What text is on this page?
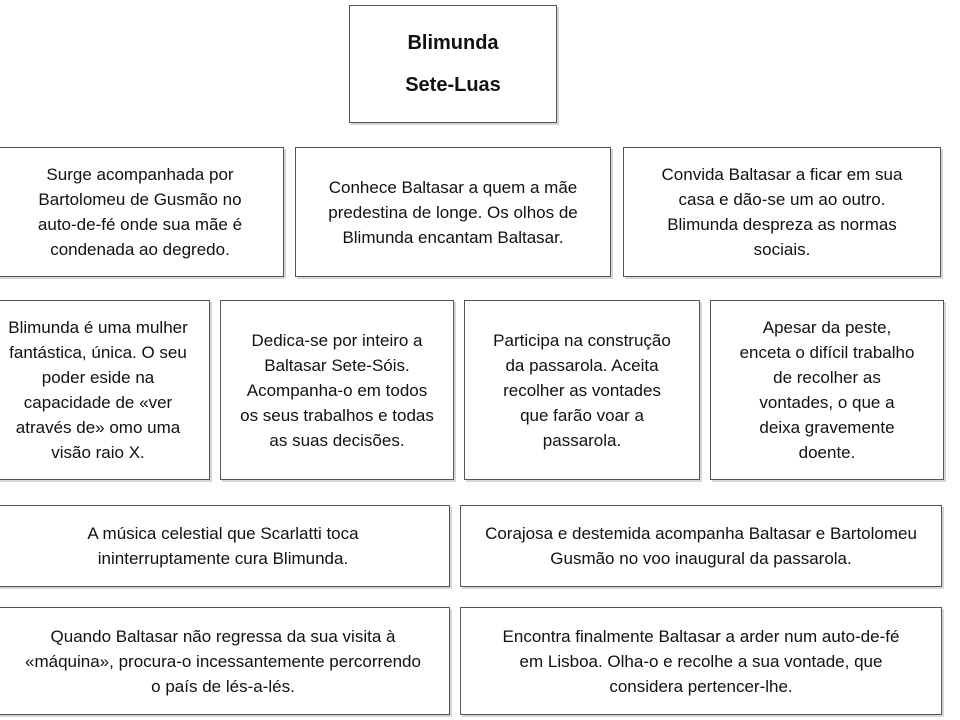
Blimunda

Sete-Luas

Surge acompanhada por Bartolomeu de Gusmão no auto-de-fé onde sua mãe é condenada ao degredo.

Conhece Baltasar a quem a mãe predestina de longe. Os olhos de Blimunda encantam Baltasar.

Convida Baltasar a ficar em sua casa e dão-se um ao outro. Blimunda despreza as normas sociais.

Blimunda é uma mulher fantástica, única. O seu poder eside na capacidade de «ver através de» omo uma visão raio X.

Dedica-se por inteiro a Baltasar Sete-Sóis. Acompanha-o em todos os seus trabalhos e todas as suas decisões.

Participa na construção da passarola. Aceita recolher as vontades que farão voar a passarola.

Apesar da peste, enceta o difícil trabalho de recolher as vontades, o que a deixa gravemente doente.

A música celestial que Scarlatti toca ininterruptamente cura Blimunda.

Corajosa e destemida acompanha Baltasar e Bartolomeu Gusmão no voo inaugural da passarola.

Quando Baltasar não regressa da sua visita à «máquina», procura-o incessantemente percorrendo o país de lés-a-lés.

Encontra finalmente Baltasar a arder num auto-de-fé em Lisboa. Olha-o e recolhe a sua vontade, que considera pertencer-lhe.
